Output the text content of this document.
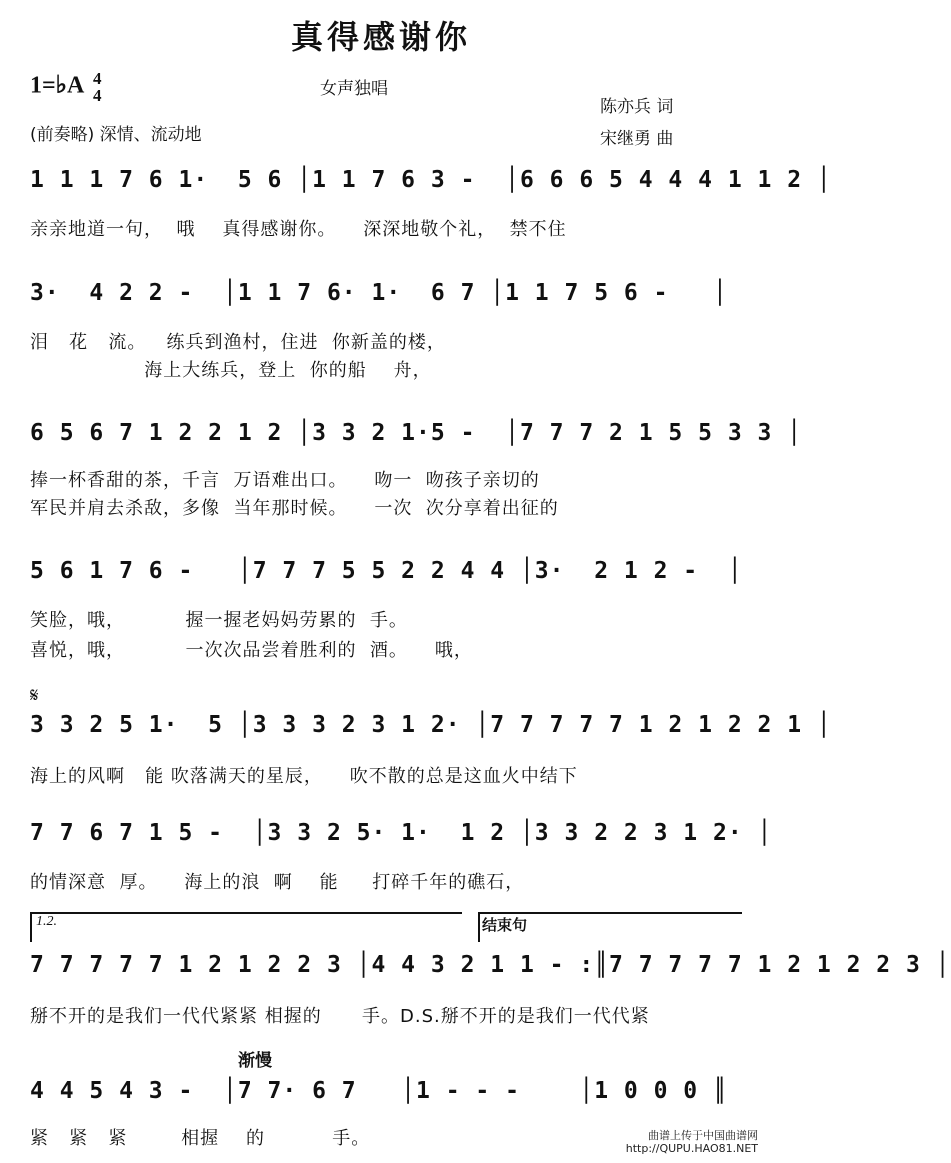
真得感谢你
女声独唱
1=♭A 4
4
陈亦兵 词
宋继勇 曲
(前奏略) 深情、流动地
1 1 1 7 6 1·  5 6 │1 1 7 6 3 -  │6 6 6 5 4 4 4 1 1 2 │
亲亲地道一句，  哦    真得感谢你。    深深地敬个礼，  禁不住
3·  4 2 2 -  │1 1 7 6· 1·  6 7 │1 1 7 5 6 -   │
泪   花   流。   练兵到渔村，住进  你新盖的楼，
海上大练兵，登上  你的船    舟，
6 5 6 7 1 2 2 1 2 │3 3 2 1·5 -  │7 7 7 2 1 5 5 3 3 │
捧一杯香甜的茶，千言  万语难出口。    吻一  吻孩子亲切的
军民并肩去杀敌，多像  当年那时候。    一次  次分享着出征的
5 6 1 7 6 -   │7 7 7 5 5 2 2 4 4 │3·  2 1 2 -  │
笑脸，哦，         握一握老妈妈劳累的  手。
喜悦，哦，         一次次品尝着胜利的  酒。    哦，
𝄋
3 3 2 5 1·  5 │3 3 3 2 3 1 2· │7 7 7 7 7 1 2 1 2 2 1 │
海上的风啊   能 吹落满天的星辰，    吹不散的总是这血火中结下
7 7 6 7 1 5 -  │3 3 2 5· 1·  1 2 │3 3 2 2 3 1 2· │
的情深意  厚。    海上的浪  啊    能     打碎千年的礁石，
1.2.	结束句
7 7 7 7 7 1 2 1 2 2 3 │4 4 3 2 1 1 - :║7 7 7 7 7 1 2 1 2 2 3 │
掰不开的是我们一代代紧紧 相握的      手。D.S.掰不开的是我们一代代紧
渐慢
4 4 5 4 3 -  │7 7· 6 7   │1 - - -    │1 0 0 0 ║
紧   紧   紧        相握    的          手。	曲谱上传于中国曲谱网
http://QUPU.HAO81.NET
